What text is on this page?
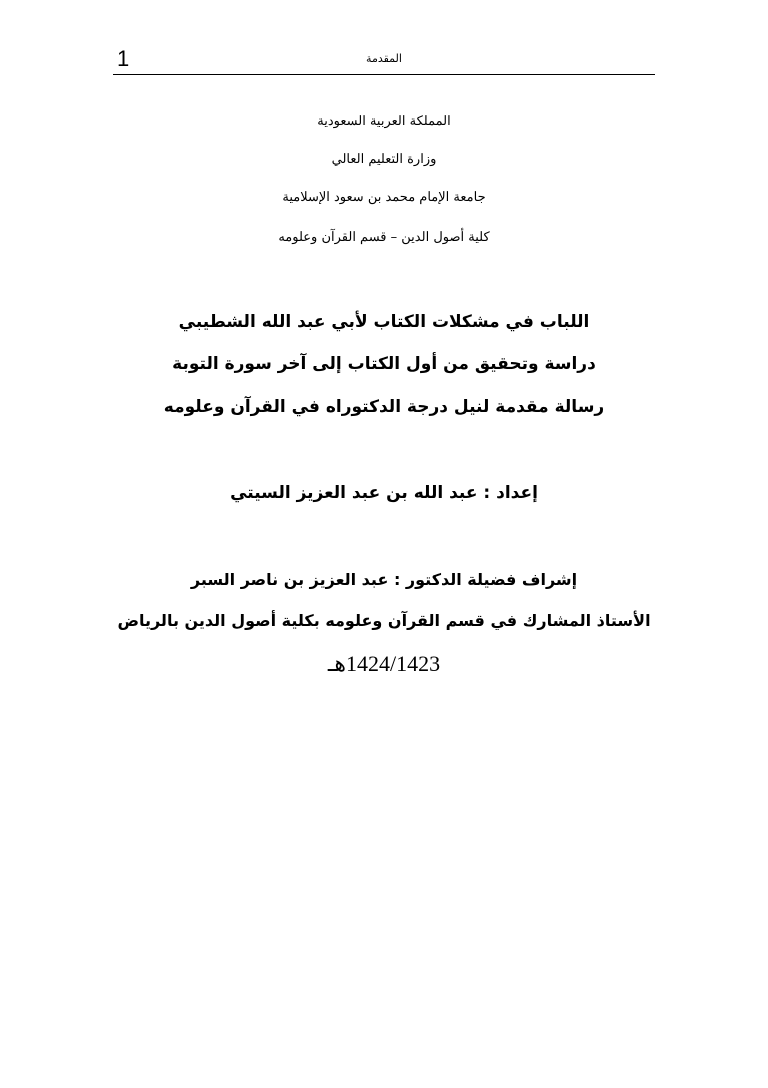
1	المقدمة
المملكة العربية السعودية
وزارة التعليم العالي
جامعة الإمام محمد بن سعود الإسلامية
كلية أصول الدين – قسم القرآن وعلومه
اللباب في مشكلات الكتاب لأبي عبد الله الشطيبي
دراسة وتحقيق من أول الكتاب إلى آخر سورة التوبة
رسالة مقدمة لنيل درجة الدكتوراه في القرآن وعلومه
إعداد : عبد الله بن عبد العزيز السيتي
إشراف فضيلة الدكتور : عبد العزيز بن ناصر السبر
الأستاذ المشارك في قسم القرآن وعلومه بكلية أصول الدين بالرياض
1424/1423هـ
